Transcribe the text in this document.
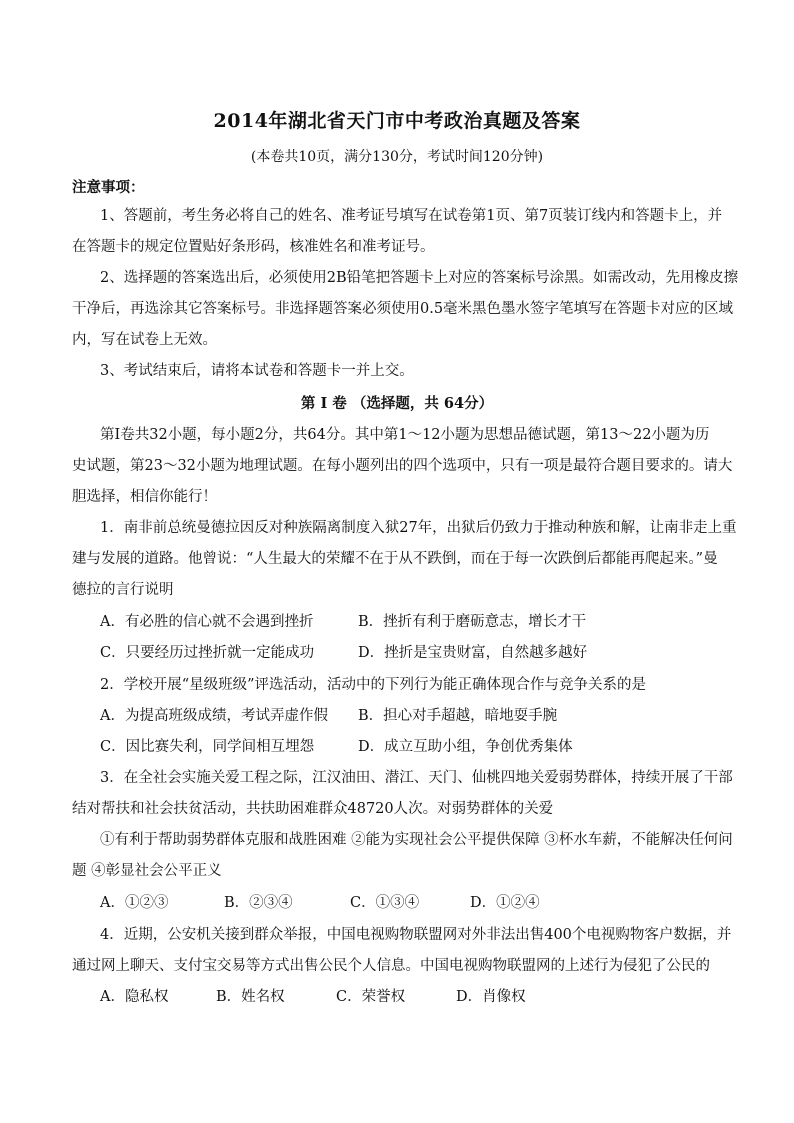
2014年湖北省天门市中考政治真题及答案
(本卷共10页，满分130分，考试时间120分钟)
注意事项：
1、答题前，考生务必将自己的姓名、准考证号填写在试卷第1页、第7页装订线内和答题卡上，并
在答题卡的规定位置贴好条形码，核准姓名和准考证号。
2、选择题的答案选出后，必须使用2B铅笔把答题卡上对应的答案标号涂黑。如需改动，先用橡皮擦
干净后，再选涂其它答案标号。非选择题答案必须使用0.5毫米黑色墨水签字笔填写在答题卡对应的区域
内，写在试卷上无效。
3、考试结束后，请将本试卷和答题卡一并上交。
第 I 卷 （选择题，共 64分）
第I卷共32小题，每小题2分，共64分。其中第1～12小题为思想品德试题，第13～22小题为历
史试题，第23～32小题为地理试题。在每小题列出的四个选项中，只有一项是最符合题目要求的。请大
胆选择，相信你能行！
1．南非前总统曼德拉因反对种族隔离制度入狱27年，出狱后仍致力于推动种族和解，让南非走上重
建与发展的道路。他曾说：“人生最大的荣耀不在于从不跌倒，而在于每一次跌倒后都能再爬起来。”曼
德拉的言行说明
A．有必胜的信心就不会遇到挫折	B．挫折有利于磨砺意志，增长才干
C．只要经历过挫折就一定能成功	D．挫折是宝贵财富，自然越多越好
2．学校开展“星级班级”评选活动，活动中的下列行为能正确体现合作与竞争关系的是
A．为提高班级成绩，考试弄虚作假 B．担心对手超越，暗地耍手腕
C．因比赛失利，同学间相互埋怨	D．成立互助小组，争创优秀集体
3．在全社会实施关爱工程之际，江汉油田、潜江、天门、仙桃四地关爱弱势群体，持续开展了干部
结对帮扶和社会扶贫活动，共扶助困难群众48720人次。对弱势群体的关爱
①有利于帮助弱势群体克服和战胜困难 ②能为实现社会公平提供保障 ③杯水车薪，不能解决任何问
题 ④彰显社会公平正义
A．①②③	B．②③④	C．①③④	D．①②④
4．近期，公安机关接到群众举报，中国电视购物联盟网对外非法出售400个电视购物客户数据，并
通过网上聊天、支付宝交易等方式出售公民个人信息。中国电视购物联盟网的上述行为侵犯了公民的
A．隐私权	B．姓名权	C．荣誉权	D．肖像权
